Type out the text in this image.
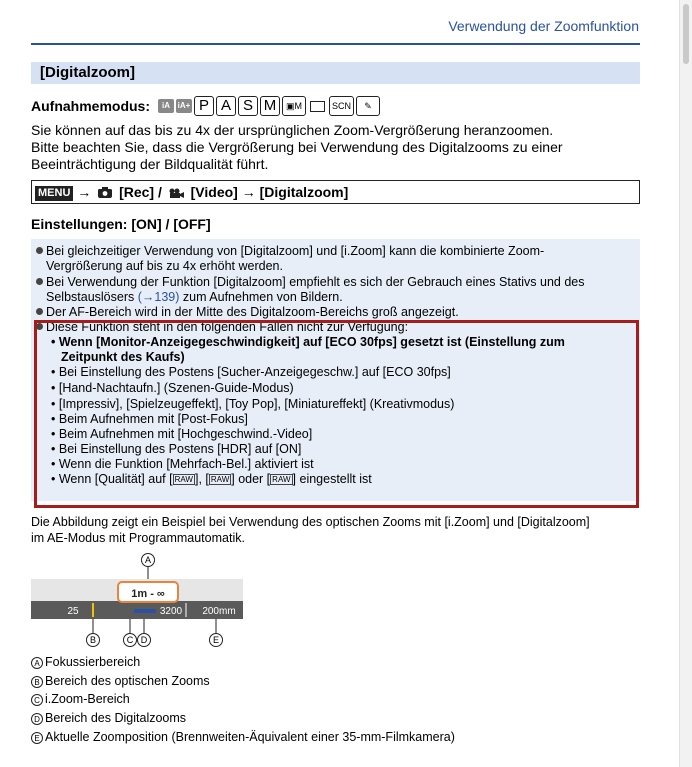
Verwendung der Zoomfunktion
[Digitalzoom]
Aufnahmemodus:	iA iA+ P A S M	▣M	SCN	✎
Sie können auf das bis zu 4x der ursprünglichen Zoom-Vergrößerung heranzoomen.
Bitte beachten Sie, dass die Vergrößerung bei Verwendung des Digitalzooms zu einer
Beeinträchtigung der Bildqualität führt.
MENU → [Rec] / [Video] → [Digitalzoom]
Einstellungen: [ON] / [OFF]
Bei gleichzeitiger Verwendung von [Digitalzoom] und [i.Zoom] kann die kombinierte Zoom-
Vergrößerung auf bis zu 4x erhöht werden.
Bei Verwendung der Funktion [Digitalzoom] empfiehlt es sich der Gebrauch eines Stativs und des
Selbstauslösers (→139) zum Aufnehmen von Bildern.
Der AF-Bereich wird in der Mitte des Digitalzoom-Bereichs groß angezeigt.
Diese Funktion steht in den folgenden Fällen nicht zur Verfügung:
• Wenn [Monitor-Anzeigegeschwindigkeit] auf [ECO 30fps] gesetzt ist (Einstellung zum
Zeitpunkt des Kaufs)
• Bei Einstellung des Postens [Sucher-Anzeigegeschw.] auf [ECO 30fps]
• [Hand-Nachtaufn.] (Szenen-Guide-Modus)
• [Impressiv], [Spielzeugeffekt], [Toy Pop], [Miniatureffekt] (Kreativmodus)
• Beim Aufnehmen mit [Post-Fokus]
• Beim Aufnehmen mit [Hochgeschwind.-Video]
• Bei Einstellung des Postens [HDR] auf [ON]
• Wenn die Funktion [Mehrfach-Bel.] aktiviert ist
• Wenn [Qualität] auf [ RAW ], [ RAW ] oder [ RAW ] eingestellt ist
Die Abbildung zeigt ein Beispiel bei Verwendung des optischen Zooms mit [i.Zoom] und [Digitalzoom]
im AE-Modus mit Programmautomatik.
A
1m - ∞
25	3200 200mm
B	C D	E
A Fokussierbereich
B Bereich des optischen Zooms
C i.Zoom-Bereich
D Bereich des Digitalzooms
E Aktuelle Zoomposition (Brennweiten-Äquivalent einer 35-mm-Filmkamera)
